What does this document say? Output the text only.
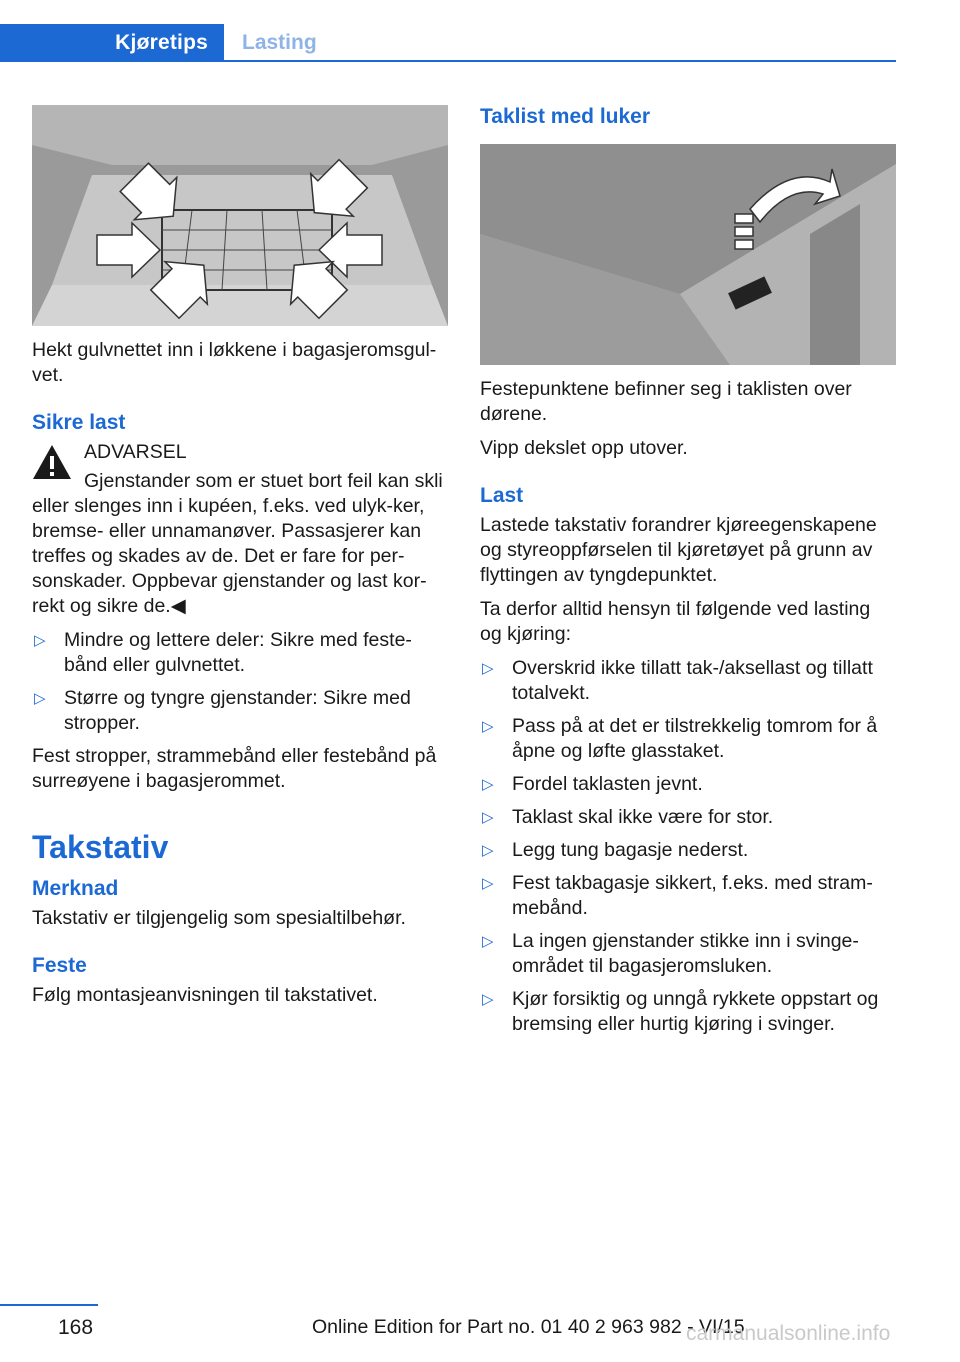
Kjøretips	Lasting

Hekt gulvnettet inn i løkkene i bagasjeromsgul-vet.

Sikre last

ADVARSEL

Gjenstander som er stuet bort feil kan skli eller slenges inn i kupéen, f.eks. ved ulyk-ker, bremse- eller unnamanøver. Passasjerer kan treffes og skades av de. Det er fare for per-sonskader. Oppbevar gjenstander og last kor-rekt og sikre de.◀

▷ Mindre og lettere deler: Sikre med feste-bånd eller gulvnettet.
▷ Større og tyngre gjenstander: Sikre med stropper.

Fest stropper, strammebånd eller festebånd på surreøyene i bagasjerommet.

Takstativ
Merknad

Takstativ er tilgjengelig som spesialtilbehør.

Feste

Følg montasjeanvisningen til takstativet.

Taklist med luker

Festepunktene befinner seg i taklisten over dørene.

Vipp dekslet opp utover.

Last

Lastede takstativ forandrer kjøreegenskapene og styreoppførselen til kjøretøyet på grunn av flyttingen av tyngdepunktet.

Ta derfor alltid hensyn til følgende ved lasting og kjøring:

▷ Overskrid ikke tillatt tak-/aksellast og tillatt totalvekt.
▷ Pass på at det er tilstrekkelig tomrom for å åpne og løfte glasstaket.
▷ Fordel taklasten jevnt.
▷ Taklast skal ikke være for stor.
▷ Legg tung bagasje nederst.
▷ Fest takbagasje sikkert, f.eks. med stram-mebånd.
▷ La ingen gjenstander stikke inn i svinge-området til bagasjeromsluken.
▷ Kjør forsiktig og unngå rykkete oppstart og bremsing eller hurtig kjøring i svinger.
168	Online Edition for Part no. 01 40 2 963 982 - VI/15
carmanualsonline.info
